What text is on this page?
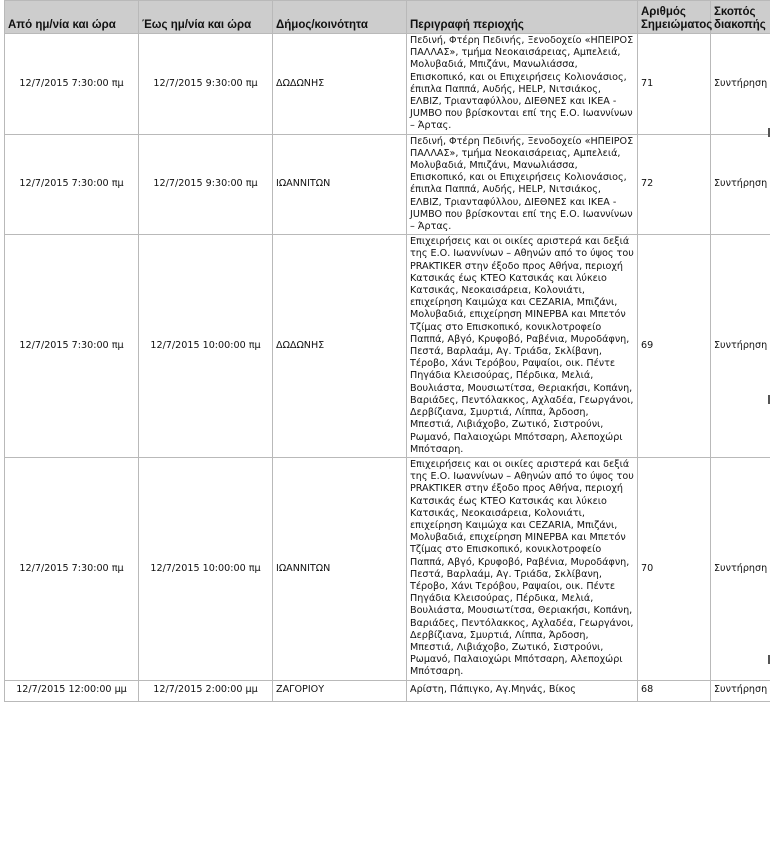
Από ημ/νία και ώρα	Έως ημ/νία και ώρα	Δήμος/κοινότητα	Περιγραφή περιοχής	Αριθμός Σημειώματος	Σκοπός διακοπής
12/7/2015 7:30:00 πμ	12/7/2015 9:30:00 πμ	ΔΩΔΩΝΗΣ	Πεδινή, Φτέρη Πεδινής, Ξενοδοχείο «ΗΠΕΙΡΟΣ ΠΑΛΛΑΣ», τμήμα Νεοκαισάρειας, Αμπελειά, Μολυβαδιά, Μπιζάνι, Μανωλιάσσα, Επισκοπικό, και οι Επιχειρήσεις Κολιονάσιος, έπιπλα Παππά, Αυδής, HELP, Νιτσιάκος, ΕΛΒΙΖ, Τριανταφύλλου, ΔΙΕΘΝΕΣ και ΙΚΕΑ - JUMBO που βρίσκονται επί της Ε.Ο. Ιωαννίνων – Άρτας.	71	Συντήρηση
12/7/2015 7:30:00 πμ	12/7/2015 9:30:00 πμ	ΙΩΑΝΝΙΤΩΝ	Πεδινή, Φτέρη Πεδινής, Ξενοδοχείο «ΗΠΕΙΡΟΣ ΠΑΛΛΑΣ», τμήμα Νεοκαισάρειας, Αμπελειά, Μολυβαδιά, Μπιζάνι, Μανωλιάσσα, Επισκοπικό, και οι Επιχειρήσεις Κολιονάσιος, έπιπλα Παππά, Αυδής, HELP, Νιτσιάκος, ΕΛΒΙΖ, Τριανταφύλλου, ΔΙΕΘΝΕΣ και ΙΚΕΑ - JUMBO που βρίσκονται επί της Ε.Ο. Ιωαννίνων – Άρτας.	72	Συντήρηση
12/7/2015 7:30:00 πμ	12/7/2015 10:00:00 πμ	ΔΩΔΩΝΗΣ	Επιχειρήσεις και οι οικίες αριστερά και δεξιά της Ε.Ο. Ιωαννίνων – Αθηνών από το ύψος του PRAKTIKER στην έξοδο προς Αθήνα, περιοχή Κατσικάς έως ΚΤΕΟ Κατσικάς και λύκειο Κατσικάς, Νεοκαισάρεια, Κολονιάτι, επιχείρηση Καιμώχα και CEZARIA, Μπιζάνι, Μολυβαδιά, επιχείρηση ΜΙΝΕΡΒΑ και Μπετόν Τζίμας στο Επισκοπικό, κονικλοτροφείο Παππά, Αβγό, Κρυφοβό, Ραβένια, Μυροδάφνη, Πεστά, Βαρλαάμ, Αγ. Τριάδα, Σκλίβανη, Τέροβο, Χάνι Τερόβου, Ραψαίοι, οικ. Πέντε Πηγάδια Κλεισούρας, Πέρδικα, Μελιά, Βουλιάστα, Μουσιωτίτσα, Θεριακήσι, Κοπάνη, Βαριάδες, Πεντόλακκος, Αχλαδέα, Γεωργάνοι, Δερβίζιανα, Σμυρτιά, Λίππα, Άρδοση, Μπεστιά, Λιβιάχοβο, Ζωτικό, Σιστρούνι, Ρωμανό, Παλαιοχώρι Μπότσαρη, Αλεποχώρι Μπότσαρη.	69	Συντήρηση
12/7/2015 7:30:00 πμ	12/7/2015 10:00:00 πμ	ΙΩΑΝΝΙΤΩΝ	Επιχειρήσεις και οι οικίες αριστερά και δεξιά της Ε.Ο. Ιωαννίνων – Αθηνών από το ύψος του PRAKTIKER στην έξοδο προς Αθήνα, περιοχή Κατσικάς έως ΚΤΕΟ Κατσικάς και λύκειο Κατσικάς, Νεοκαισάρεια, Κολονιάτι, επιχείρηση Καιμώχα και CEZARIA, Μπιζάνι, Μολυβαδιά, επιχείρηση ΜΙΝΕΡΒΑ και Μπετόν Τζίμας στο Επισκοπικό, κονικλοτροφείο Παππά, Αβγό, Κρυφοβό, Ραβένια, Μυροδάφνη, Πεστά, Βαρλαάμ, Αγ. Τριάδα, Σκλίβανη, Τέροβο, Χάνι Τερόβου, Ραψαίοι, οικ. Πέντε Πηγάδια Κλεισούρας, Πέρδικα, Μελιά, Βουλιάστα, Μουσιωτίτσα, Θεριακήσι, Κοπάνη, Βαριάδες, Πεντόλακκος, Αχλαδέα, Γεωργάνοι, Δερβίζιανα, Σμυρτιά, Λίππα, Άρδοση, Μπεστιά, Λιβιάχοβο, Ζωτικό, Σιστρούνι, Ρωμανό, Παλαιοχώρι Μπότσαρη, Αλεποχώρι Μπότσαρη.	70	Συντήρηση
12/7/2015 12:00:00 μμ	12/7/2015 2:00:00 μμ	ΖΑΓΟΡΙΟΥ	Αρίστη, Πάπιγκο, Αγ.Μηνάς, Βίκος	68	Συντήρηση
